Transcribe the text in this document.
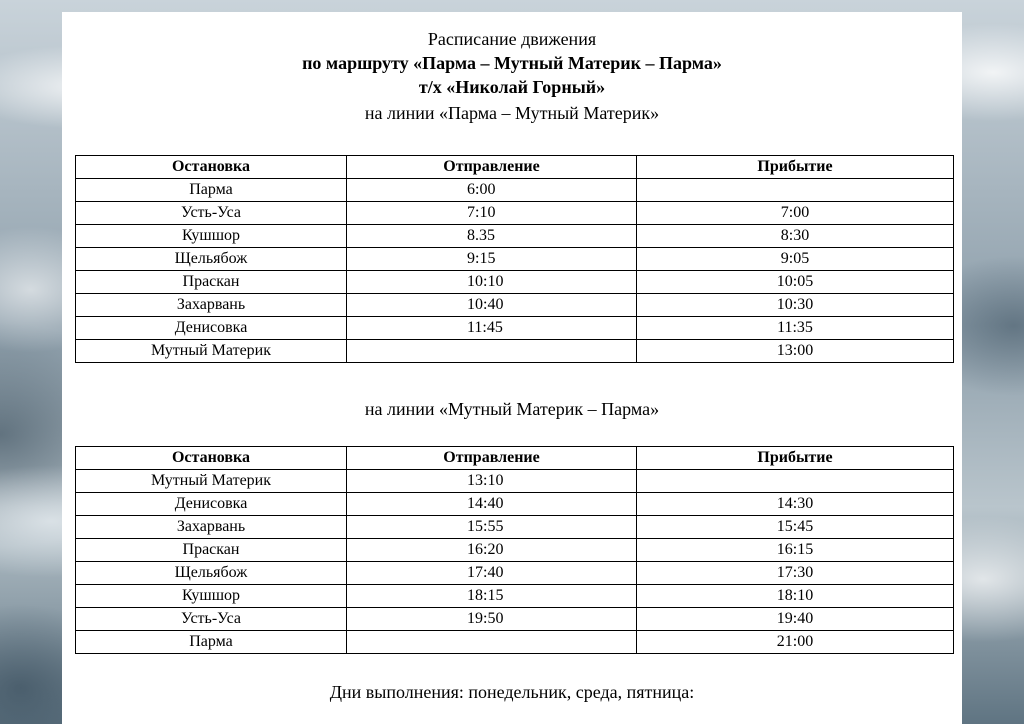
Расписание движения
по маршруту «Парма – Мутный Материк – Парма»
т/х «Николай Горный»
на линии «Парма – Мутный Материк»
Остановка	Отправление	Прибытие
Парма	6:00	
Усть-Уса	7:10	7:00
Кушшор	8.35	8:30
Щельябож	9:15	9:05
Праскан	10:10	10:05
Захарвань	10:40	10:30
Денисовка	11:45	11:35
Мутный Материк		13:00
на линии «Мутный Материк – Парма»
Остановка	Отправление	Прибытие
Мутный Материк	13:10	
Денисовка	14:40	14:30
Захарвань	15:55	15:45
Праскан	16:20	16:15
Щельябож	17:40	17:30
Кушшор	18:15	18:10
Усть-Уса	19:50	19:40
Парма		21:00
Дни выполнения: понедельник, среда, пятница:
